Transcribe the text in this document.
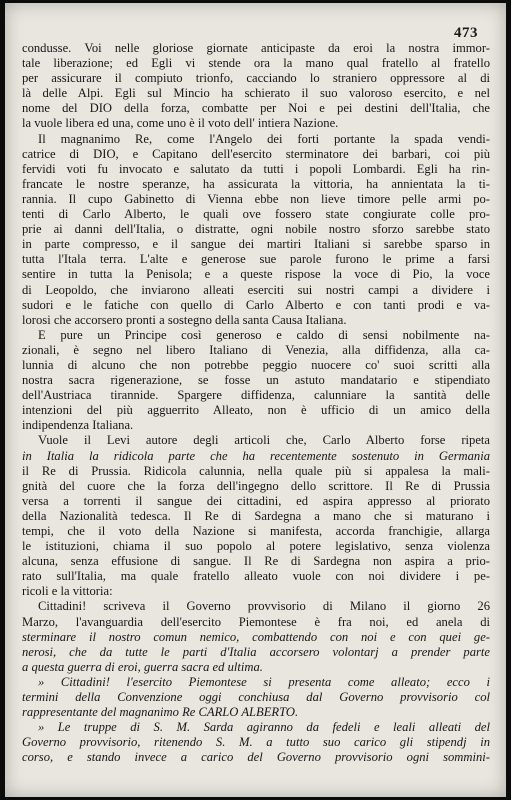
473
condusse. Voi nelle gloriose giornate anticipaste da eroi la nostra immor-
tale liberazione; ed Egli vi stende ora la mano qual fratello al fratello
per assicurare il compiuto trionfo, cacciando lo straniero oppressore al di
là delle Alpi. Egli sul Mincio ha schierato il suo valoroso esercito, e nel
nome del DIO della forza, combatte per Noi e pei destini dell'Italia, che
la vuole libera ed una, come uno è il voto dell' intiera Nazione.
Il magnanimo Re, come l'Angelo dei forti portante la spada vendi-
catrice di DIO, e Capitano dell'esercito sterminatore dei barbari, coi più
fervidi voti fu invocato e salutato da tutti i popoli Lombardi. Egli ha rin-
francate le nostre speranze, ha assicurata la vittoria, ha annientata la ti-
rannia. Il cupo Gabinetto di Vienna ebbe non lieve timore pelle armi po-
tenti di Carlo Alberto, le quali ove fossero state congiurate colle pro-
prie ai danni dell'Italia, o distratte, ogni nobile nostro sforzo sarebbe stato
in parte compresso, e il sangue dei martiri Italiani si sarebbe sparso in
tutta l'Itala terra. L'alte e generose sue parole furono le prime a farsi
sentire in tutta la Penisola; e a queste rispose la voce di Pio, la voce
di Leopoldo, che inviarono alleati eserciti sui nostri campi a dividere i
sudori e le fatiche con quello di Carlo Alberto e con tanti prodi e va-
lorosi che accorsero pronti a sostegno della santa Causa Italiana.
E pure un Principe così generoso e caldo di sensi nobilmente na-
zionali, è segno nel libero Italiano di Venezia, alla diffidenza, alla ca-
lunnia di alcuno che non potrebbe peggio nuocere co' suoi scritti alla
nostra sacra rigenerazione, se fosse un astuto mandatario e stipendiato
dell'Austriaca tirannide. Spargere diffidenza, calunniare la santità delle
intenzioni del più agguerrito Alleato, non è ufficio di un amico della
indipendenza Italiana.
Vuole il Levi autore degli articoli che, Carlo Alberto forse ripeta
in Italia la ridicola parte che ha recentemente sostenuto in Germania
il Re di Prussia. Ridicola calunnia, nella quale più si appalesa la mali-
gnità del cuore che la forza dell'ingegno dello scrittore. Il Re di Prussia
versa a torrenti il sangue dei cittadini, ed aspira appresso al priorato
della Nazionalità tedesca. Il Re di Sardegna a mano che si maturano i
tempi, che il voto della Nazione si manifesta, accorda franchigie, allarga
le istituzioni, chiama il suo popolo al potere legislativo, senza violenza
alcuna, senza effusione di sangue. Il Re di Sardegna non aspira a prio-
rato sull'Italia, ma quale fratello alleato vuole con noi dividere i pe-
ricoli e la vittoria:
Cittadini! scriveva il Governo provvisorio di Milano il giorno 26
Marzo, l'avanguardia dell'esercito Piemontese è fra noi, ed anela di
sterminare il nostro comun nemico, combattendo con noi e con quei ge-
nerosi, che da tutte le parti d'Italia accorsero volontarj a prender parte
a questa guerra di eroi, guerra sacra ed ultima.
» Cittadini! l'esercito Piemontese si presenta come alleato; ecco i
termini della Convenzione oggi conchiusa dal Governo provvisorio col
rappresentante del magnanimo Re CARLO ALBERTO.
» Le truppe di S. M. Sarda agiranno da fedeli e leali alleati del
Governo provvisorio, ritenendo S. M. a tutto suo carico gli stipendj in
corso, e stando invece a carico del Governo provvisorio ogni sommini-
